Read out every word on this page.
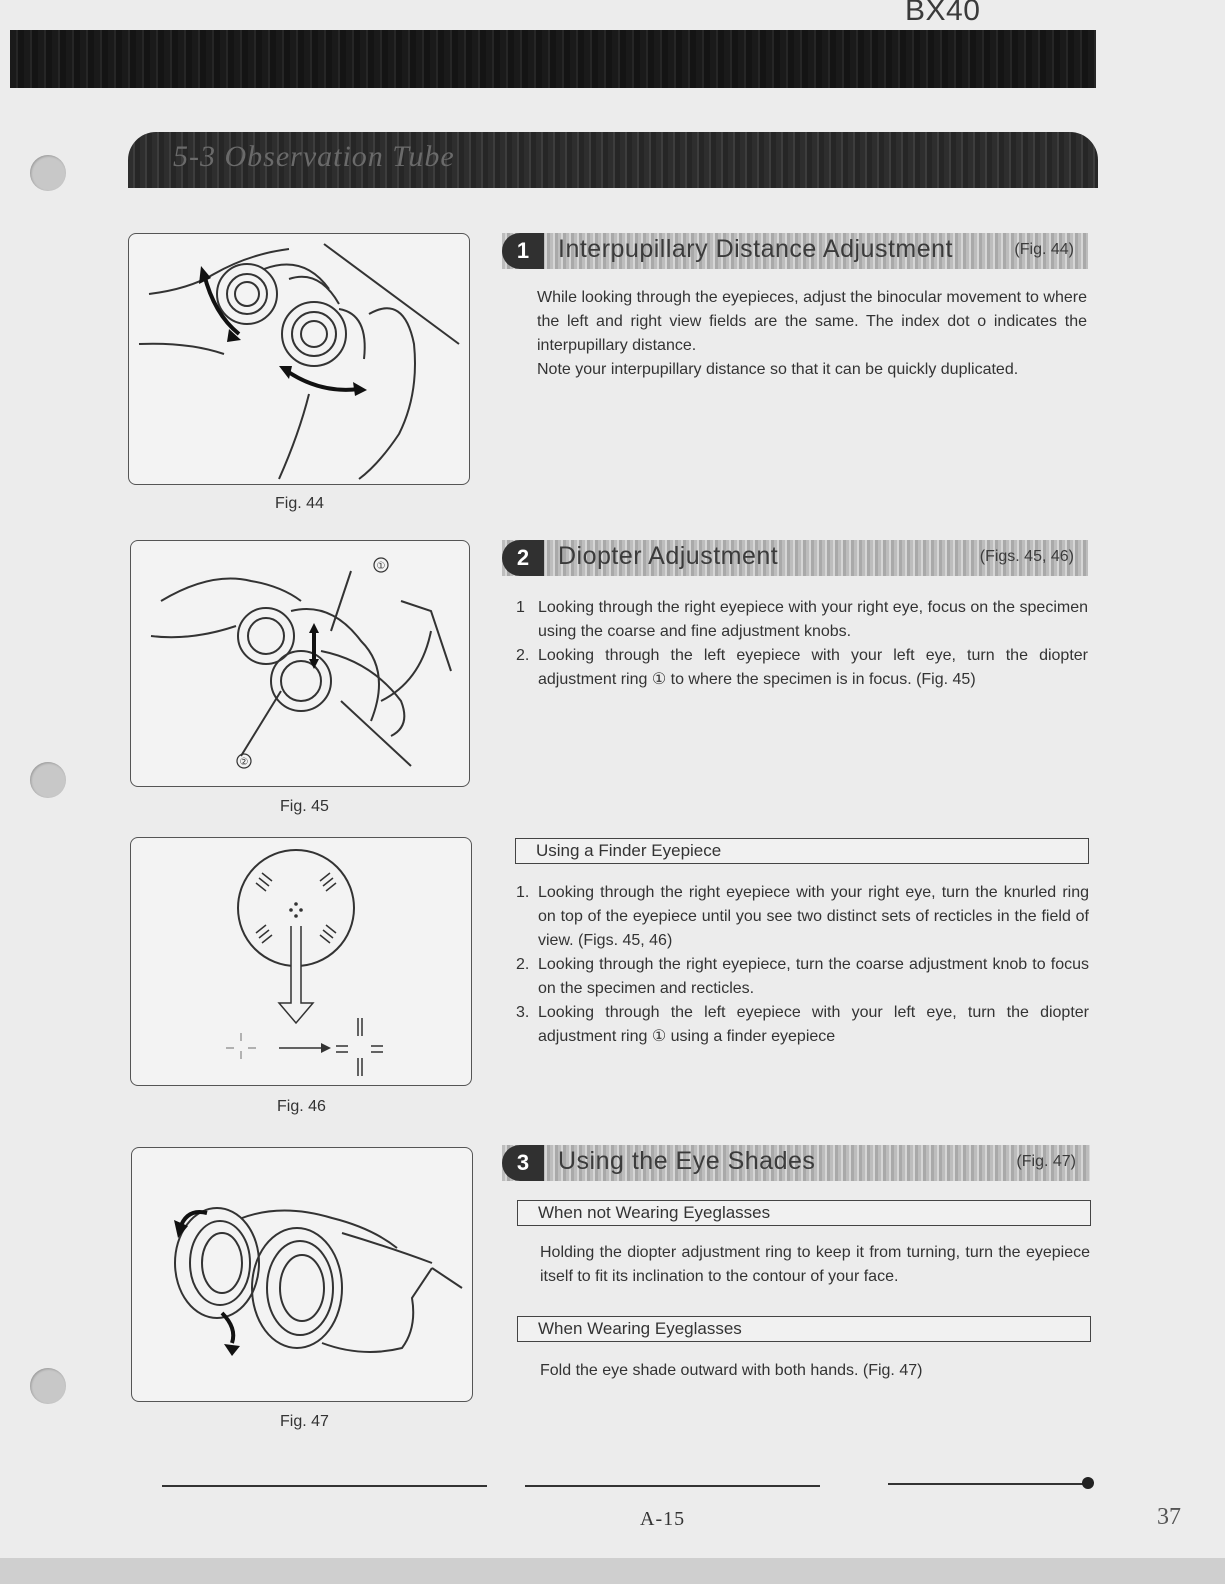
BX40
5-3 Observation Tube
Fig. 44
①
②
Fig. 45
Fig. 46
Fig. 47
1	Interpupillary Distance Adjustment	(Fig. 44)
While looking through the eyepieces, adjust the binocular movement to where the left and right view fields are the same. The index dot o indicates the interpupillary distance.
Note your interpupillary distance so that it can be quickly duplicated.
2	Diopter Adjustment	(Figs. 45, 46)
1 Looking through the right eyepiece with your right eye, focus on the specimen using the coarse and fine adjustment knobs.
2. Looking through the left eyepiece with your left eye, turn the diopter adjustment ring ① to where the specimen is in focus. (Fig. 45)
Using a Finder Eyepiece
1. Looking through the right eyepiece with your right eye, turn the knurled ring on top of the eyepiece until you see two distinct sets of recticles in the field of view. (Figs. 45, 46)
2. Looking through the right eyepiece, turn the coarse adjustment knob to focus on the specimen and recticles.
3. Looking through the left eyepiece with your left eye, turn the diopter adjustment ring ① using a finder eyepiece
3	Using the Eye Shades	(Fig. 47)
When not Wearing Eyeglasses
Holding the diopter adjustment ring to keep it from turning, turn the eyepiece itself to fit its inclination to the contour of your face.
When Wearing Eyeglasses
Fold the eye shade outward with both hands. (Fig. 47)
A-15	37
